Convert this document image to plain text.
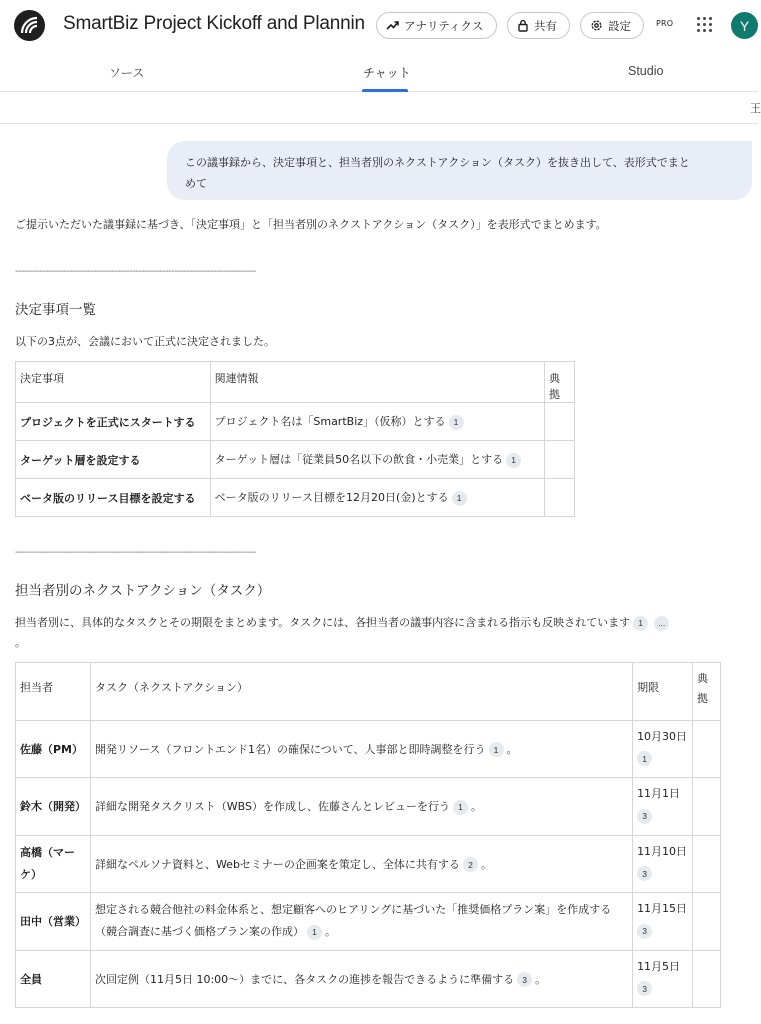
SmartBiz Project Kickoff and Plannin	アナリティクス	共有	設定	PRO	Y
ソース	チャット	Studio
王
この議事録から、決定事項と、担当者別のネクストアクション（タスク）を抜き出して、表形式でまと
めて
ご提示いただいた議事録に基づき、「決定事項」と「担当者別のネクストアクション（タスク）」を表形式でまとめます。
--------------------------------------------------------------------------------
決定事項一覧
以下の3点が、会議において正式に決定されました。
決定事項	関連情報	典拠
プロジェクトを正式にスタートする	プロジェクト名は「SmartBiz」（仮称）とする 1	
ターゲット層を設定する	ターゲット層は「従業員50名以下の飲食・小売業」とする 1	
ベータ版のリリース目標を設定する	ベータ版のリリース目標を12月20日(金)とする 1	
--------------------------------------------------------------------------------
担当者別のネクストアクション（タスク）
担当者別に、具体的なタスクとその期限をまとめます。タスクには、各担当者の議事内容に含まれる指示も反映されています 1 ...
。
担当者	タスク（ネクストアクション）	期限	典拠
佐藤（PM）	開発リソース（フロントエンド1名）の確保について、人事部と即時調整を行う 1 。	10月30日
1	
鈴木（開発）	詳細な開発タスクリスト（WBS）を作成し、佐藤さんとレビューを行う 1 。	11月1日
3	
高橋（マーケ）	詳細なペルソナ資料と、Webセミナーの企画案を策定し、全体に共有する 2 。	11月10日
3	
田中（営業）	想定される競合他社の料金体系と、想定顧客へのヒアリングに基づいた「推奨価格プラン案」を作成する（競合調査に基づく価格プラン案の作成） 1 。	11月15日
3	
全員	次回定例（11月5日 10:00～）までに、各タスクの進捗を報告できるように準備する 3 。	11月5日
3	
